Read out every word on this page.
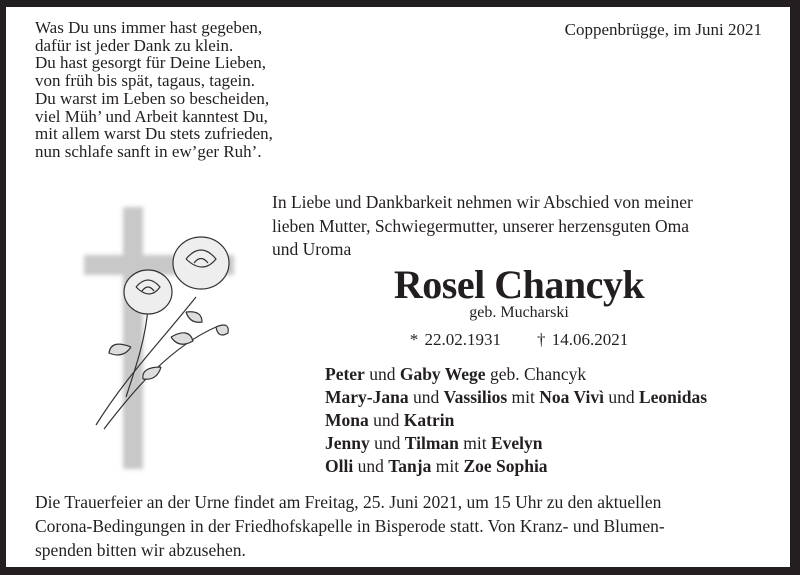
Was Du uns immer hast gegeben,
dafür ist jeder Dank zu klein.
Du hast gesorgt für Deine Lieben,
von früh bis spät, tagaus, tagein.
Du warst im Leben so bescheiden,
viel Müh’ und Arbeit kanntest Du,
mit allem warst Du stets zufrieden,
nun schlafe sanft in ew’ger Ruh’.
Coppenbrügge, im Juni 2021
In Liebe und Dankbarkeit nehmen wir Abschied von meiner
lieben Mutter, Schwiegermutter, unserer herzensguten Oma
und Uroma
Rosel Chancyk
geb. Mucharski
* 22.02.1931 † 14.06.2021
Peter und Gaby Wege geb. Chancyk
Mary-Jana und Vassilios mit Noa Vivì und Leonidas
Mona und Katrin
Jenny und Tilman mit Evelyn
Olli und Tanja mit Zoe Sophia
Die Trauerfeier an der Urne findet am Freitag, 25. Juni 2021, um 15 Uhr zu den aktuellen
Corona-Bedingungen in der Friedhofskapelle in Bisperode statt. Von Kranz- und Blumen-
spenden bitten wir abzusehen.
